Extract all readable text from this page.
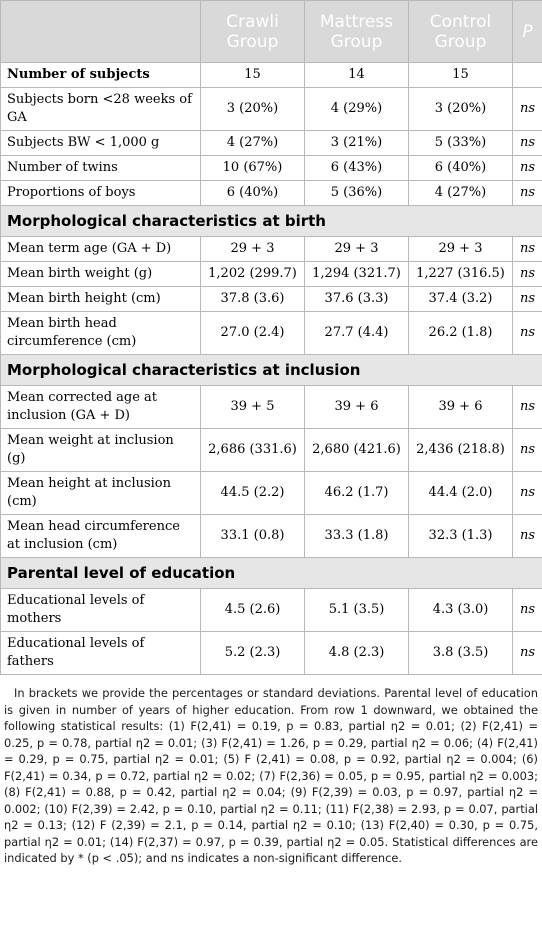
	Crawli Group	Mattress Group	Control Group	P
Number of subjects	15	14	15	
Subjects born <28 weeks of GA	3 (20%)	4 (29%)	3 (20%)	ns
Subjects BW < 1,000 g	4 (27%)	3 (21%)	5 (33%)	ns
Number of twins	10 (67%)	6 (43%)	6 (40%)	ns
Proportions of boys	6 (40%)	5 (36%)	4 (27%)	ns
Morphological characteristics at birth				
Mean term age (GA + D)	29 + 3	29 + 3	29 + 3	ns
Mean birth weight (g)	1,202 (299.7)	1,294 (321.7)	1,227 (316.5)	ns
Mean birth height (cm)	37.8 (3.6)	37.6 (3.3)	37.4 (3.2)	ns
Mean birth head circumference (cm)	27.0 (2.4)	27.7 (4.4)	26.2 (1.8)	ns
Morphological characteristics at inclusion				
Mean corrected age at inclusion (GA + D)	39 + 5	39 + 6	39 + 6	ns
Mean weight at inclusion (g)	2,686 (331.6)	2,680 (421.6)	2,436 (218.8)	ns
Mean height at inclusion (cm)	44.5 (2.2)	46.2 (1.7)	44.4 (2.0)	ns
Mean head circumference at inclusion (cm)	33.1 (0.8)	33.3 (1.8)	32.3 (1.3)	ns
Parental level of education				
Educational levels of mothers	4.5 (2.6)	5.1 (3.5)	4.3 (3.0)	ns
Educational levels of fathers	5.2 (2.3)	4.8 (2.3)	3.8 (3.5)	ns
In brackets we provide the percentages or standard deviations. Parental level of education is given in number of years of higher education. From row 1 downward, we obtained the following statistical results: (1) F(2,41) = 0.19, p = 0.83, partial η2 = 0.01; (2) F(2,41) = 0.25, p = 0.78, partial η2 = 0.01; (3) F(2,41) = 1.26, p = 0.29, partial η2 = 0.06; (4) F(2,41) = 0.29, p = 0.75, partial η2 = 0.01; (5) F (2,41) = 0.08, p = 0.92, partial η2 = 0.004; (6) F(2,41) = 0.34, p = 0.72, partial η2 = 0.02; (7) F(2,36) = 0.05, p = 0.95, partial η2 = 0.003; (8) F(2,41) = 0.88, p = 0.42, partial η2 = 0.04; (9) F(2,39) = 0.03, p = 0.97, partial η2 = 0.002; (10) F(2,39) = 2.42, p = 0.10, partial η2 = 0.11; (11) F(2,38) = 2.93, p = 0.07, partial η2 = 0.13; (12) F (2,39) = 2.1, p = 0.14, partial η2 = 0.10; (13) F(2,40) = 0.30, p = 0.75, partial η2 = 0.01; (14) F(2,37) = 0.97, p = 0.39, partial η2 = 0.05. Statistical differences are indicated by * (p < .05); and ns indicates a non-significant difference.
